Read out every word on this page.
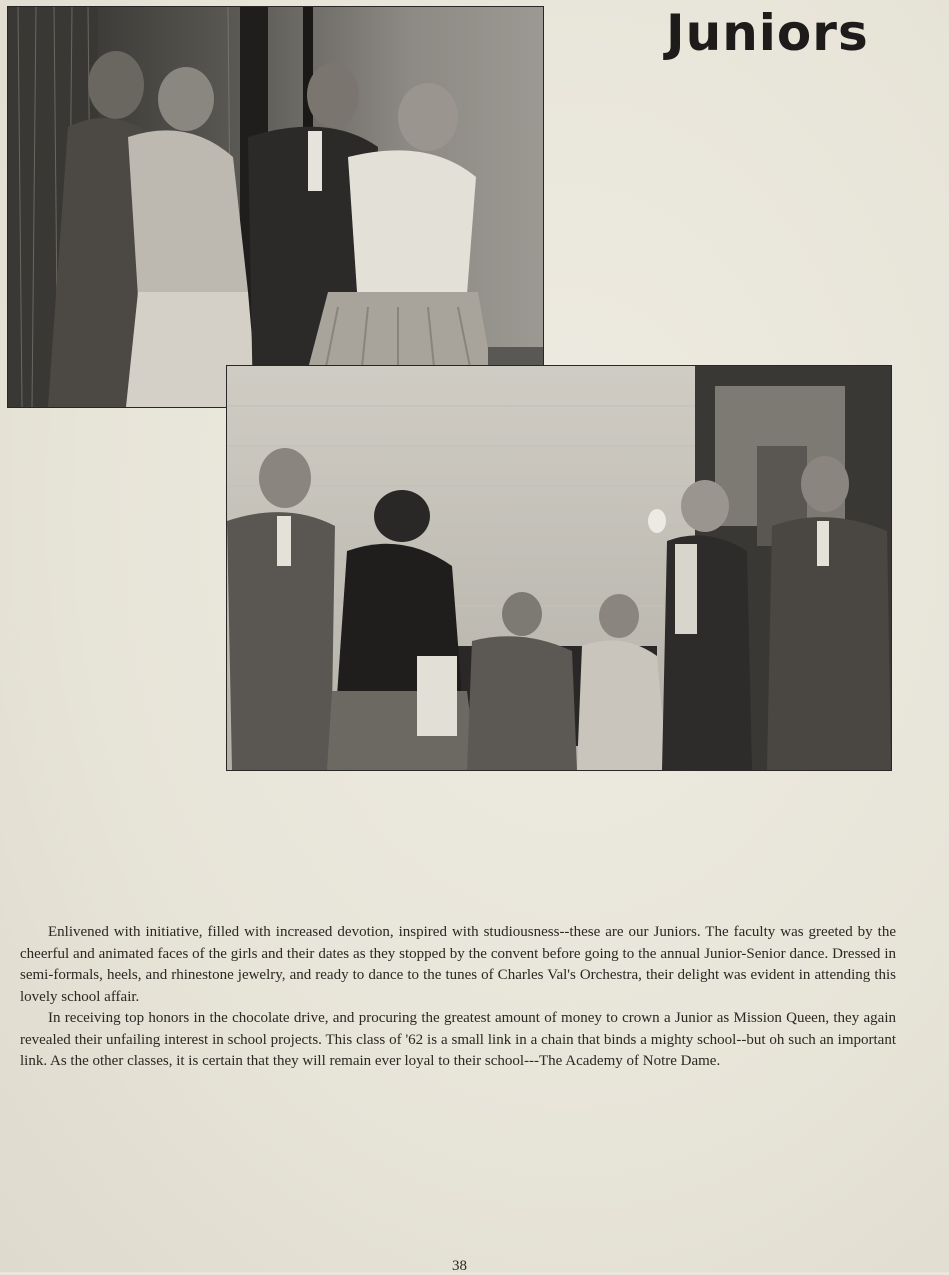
Juniors

Enlivened with initiative, filled with increased devotion, inspired with studiousness--these are our Juniors. The faculty was greeted by the cheerful and animated faces of the girls and their dates as they stopped by the convent before going to the annual Junior-Senior dance. Dressed in semi-formals, heels, and rhinestone jewelry, and ready to dance to the tunes of Charles Val's Orchestra, their delight was evident in attending this lovely school affair.

In receiving top honors in the chocolate drive, and procuring the greatest amount of money to crown a Junior as Mission Queen, they again revealed their unfailing interest in school projects. This class of '62 is a small link in a chain that binds a mighty school--but oh such an important link. As the other classes, it is certain that they will remain ever loyal to their school---The Academy of Notre Dame.

38
